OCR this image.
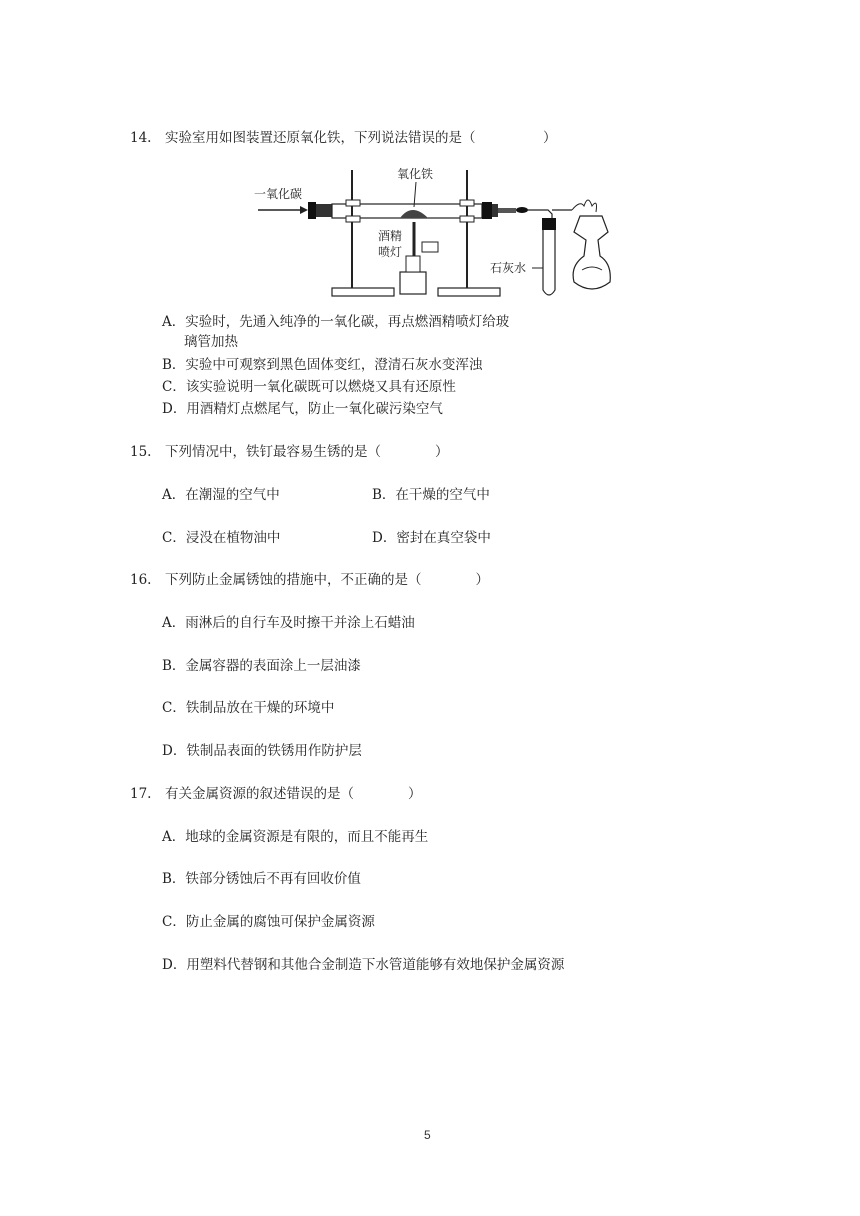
14.　实验室用如图装置还原氧化铁，下列说法错误的是（　　　　　）
一氧化碳
氧化铁
酒精
喷灯
石灰水
A．实验时，先通入纯净的一氧化碳，再点燃酒精喷灯给玻
璃管加热
B．实验中可观察到黑色固体变红，澄清石灰水变浑浊
C．该实验说明一氧化碳既可以燃烧又具有还原性
D．用酒精灯点燃尾气，防止一氧化碳污染空气
15.　下列情况中，铁钉最容易生锈的是（　　　　）
A．在潮湿的空气中	B．在干燥的空气中
C．浸没在植物油中	D．密封在真空袋中
16.　下列防止金属锈蚀的措施中，不正确的是（　　　　）
A．雨淋后的自行车及时擦干并涂上石蜡油
B．金属容器的表面涂上一层油漆
C．铁制品放在干燥的环境中
D．铁制品表面的铁锈用作防护层
17.　有关金属资源的叙述错误的是（　　　　）
A．地球的金属资源是有限的，而且不能再生
B．铁部分锈蚀后不再有回收价值
C．防止金属的腐蚀可保护金属资源
D．用塑料代替钢和其他合金制造下水管道能够有效地保护金属资源
5
